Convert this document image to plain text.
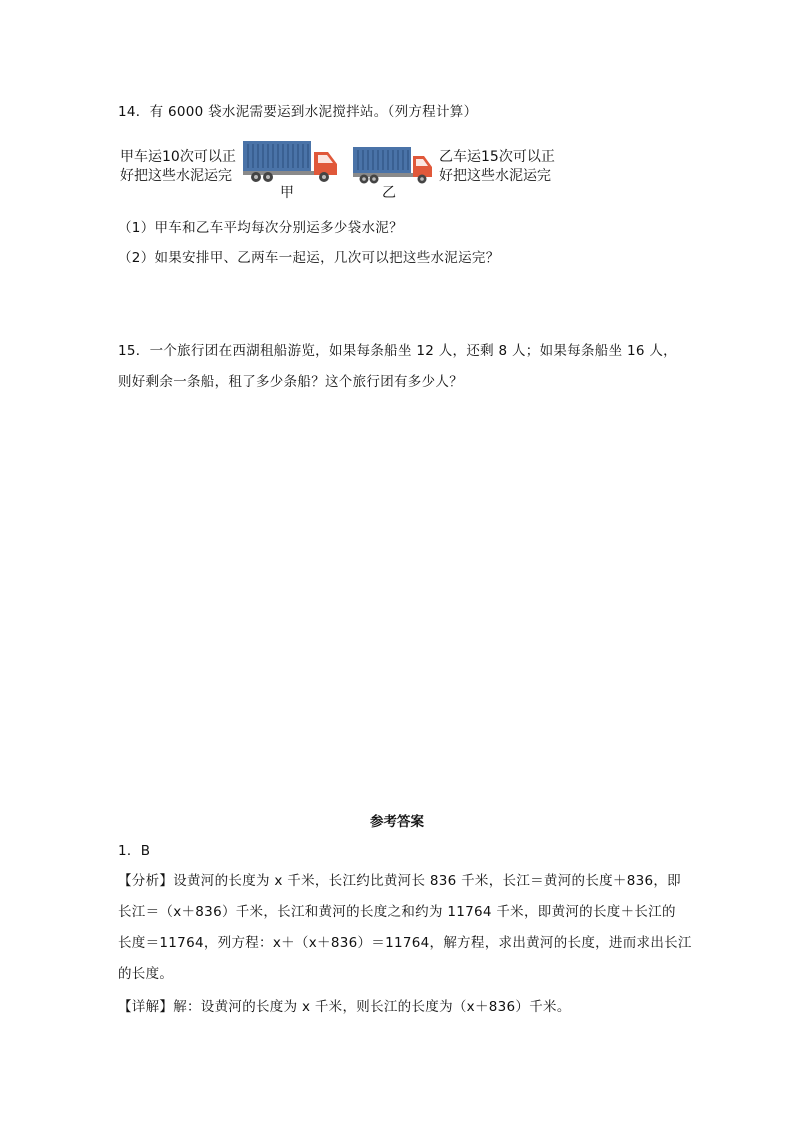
14．有 6000 袋水泥需要运到水泥搅拌站。（列方程计算）
甲车运10次可以正
好把这些水泥运完
甲	乙
乙车运15次可以正
好把这些水泥运完
（1）甲车和乙车平均每次分别运多少袋水泥？
（2）如果安排甲、乙两车一起运，几次可以把这些水泥运完？
15．一个旅行团在西湖租船游览，如果每条船坐 12 人，还剩 8 人；如果每条船坐 16 人，
则好剩余一条船，租了多少条船？这个旅行团有多少人？
参考答案
1．B
【分析】设黄河的长度为 x 千米，长江约比黄河长 836 千米，长江＝黄河的长度＋836，即
长江＝（x＋836）千米，长江和黄河的长度之和约为 11764 千米，即黄河的长度＋长江的
长度＝11764，列方程：x＋（x＋836）＝11764，解方程，求出黄河的长度，进而求出长江
的长度。
【详解】解：设黄河的长度为 x 千米，则长江的长度为（x＋836）千米。
